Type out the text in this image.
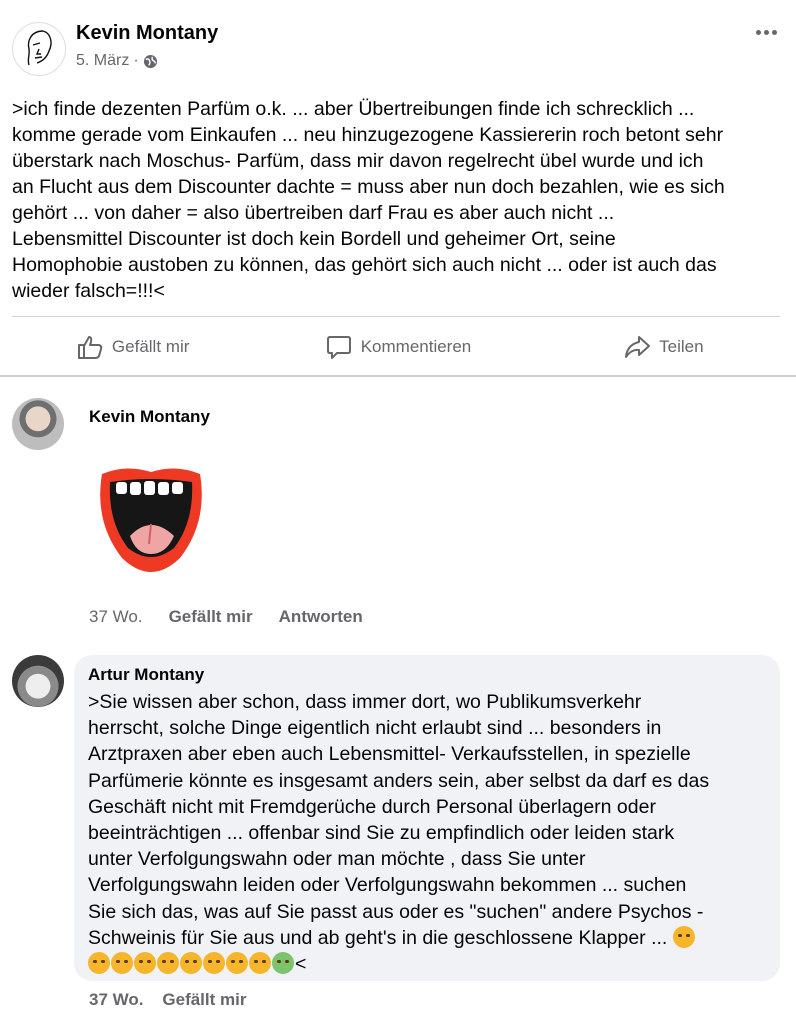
Kevin Montany
5. März ·
>ich finde dezenten Parfüm o.k. ... aber Übertreibungen finde ich schrecklich ...
komme gerade vom Einkaufen ... neu hinzugezogene Kassiererin roch betont sehr
überstark nach Moschus- Parfüm, dass mir davon regelrecht übel wurde und ich
an Flucht aus dem Discounter dachte = muss aber nun doch bezahlen, wie es sich
gehört ... von daher = also übertreiben darf Frau es aber auch nicht ...
Lebensmittel Discounter ist doch kein Bordell und geheimer Ort, seine
Homophobie austoben zu können, das gehört sich auch nicht ... oder ist auch das
wieder falsch=!!!<
Gefällt mir	Kommentieren	Teilen
Kevin Montany
37 Wo. Gefällt mir Antworten
Artur Montany
>Sie wissen aber schon, dass immer dort, wo Publikumsverkehr
herrscht, solche Dinge eigentlich nicht erlaubt sind ... besonders in
Arztpraxen aber eben auch Lebensmittel- Verkaufsstellen, in spezielle
Parfümerie könnte es insgesamt anders sein, aber selbst da darf es das
Geschäft nicht mit Fremdgerüche durch Personal überlagern oder
beeinträchtigen ... offenbar sind Sie zu empfindlich oder leiden stark
unter Verfolgungswahn oder man möchte , dass Sie unter
Verfolgungswahn leiden oder Verfolgungswahn bekommen ... suchen
Sie sich das, was auf Sie passt aus oder es "suchen" andere Psychos -
Schweinis für Sie aus und ab geht's in die geschlossene Klapper ...
<
37 Wo. Gefällt mir
